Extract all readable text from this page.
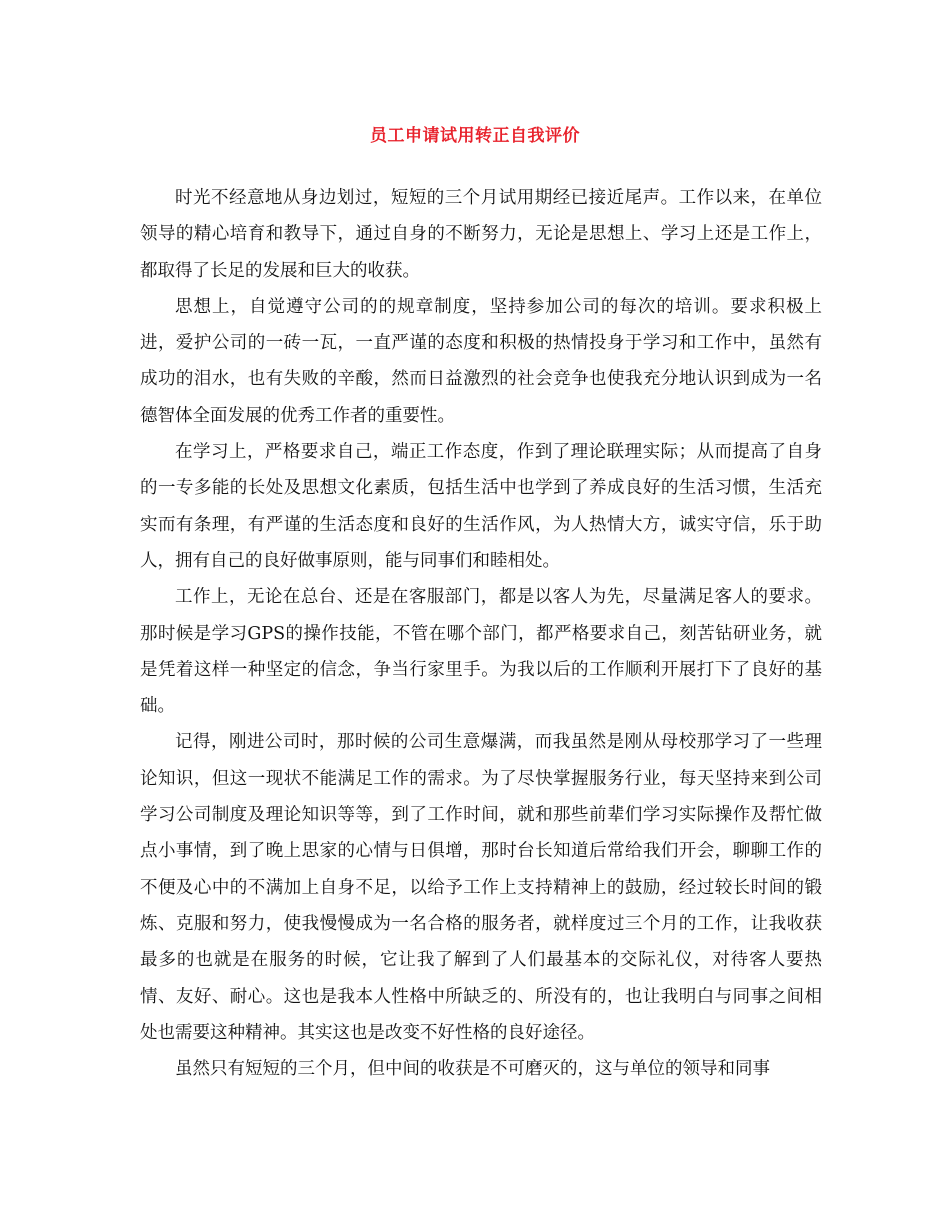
员工申请试用转正自我评价

时光不经意地从身边划过，短短的三个月试用期经已接近尾声。工作以来，在单位领导的精心培育和教导下，通过自身的不断努力，无论是思想上、学习上还是工作上，都取得了长足的发展和巨大的收获。

思想上，自觉遵守公司的的规章制度，坚持参加公司的每次的培训。要求积极上进，爱护公司的一砖一瓦，一直严谨的态度和积极的热情投身于学习和工作中，虽然有成功的泪水，也有失败的辛酸，然而日益激烈的社会竞争也使我充分地认识到成为一名德智体全面发展的优秀工作者的重要性。

在学习上，严格要求自己，端正工作态度，作到了理论联理实际；从而提高了自身的一专多能的长处及思想文化素质，包括生活中也学到了养成良好的生活习惯，生活充实而有条理，有严谨的生活态度和良好的生活作风，为人热情大方，诚实守信，乐于助人，拥有自己的良好做事原则，能与同事们和睦相处。

工作上，无论在总台、还是在客服部门，都是以客人为先，尽量满足客人的要求。那时候是学习GPS的操作技能，不管在哪个部门，都严格要求自己，刻苦钻研业务，就是凭着这样一种坚定的信念，争当行家里手。为我以后的工作顺利开展打下了良好的基础。

记得，刚进公司时，那时候的公司生意爆满，而我虽然是刚从母校那学习了一些理论知识，但这一现状不能满足工作的需求。为了尽快掌握服务行业，每天坚持来到公司学习公司制度及理论知识等等，到了工作时间，就和那些前辈们学习实际操作及帮忙做点小事情，到了晚上思家的心情与日俱增，那时台长知道后常给我们开会，聊聊工作的不便及心中的不满加上自身不足，以给予工作上支持精神上的鼓励，经过较长时间的锻炼、克服和努力，使我慢慢成为一名合格的服务者，就样度过三个月的工作，让我收获最多的也就是在服务的时候，它让我了解到了人们最基本的交际礼仪，对待客人要热情、友好、耐心。这也是我本人性格中所缺乏的、所没有的，也让我明白与同事之间相处也需要这种精神。其实这也是改变不好性格的良好途径。

虽然只有短短的三个月，但中间的收获是不可磨灭的，这与单位的领导和同事
